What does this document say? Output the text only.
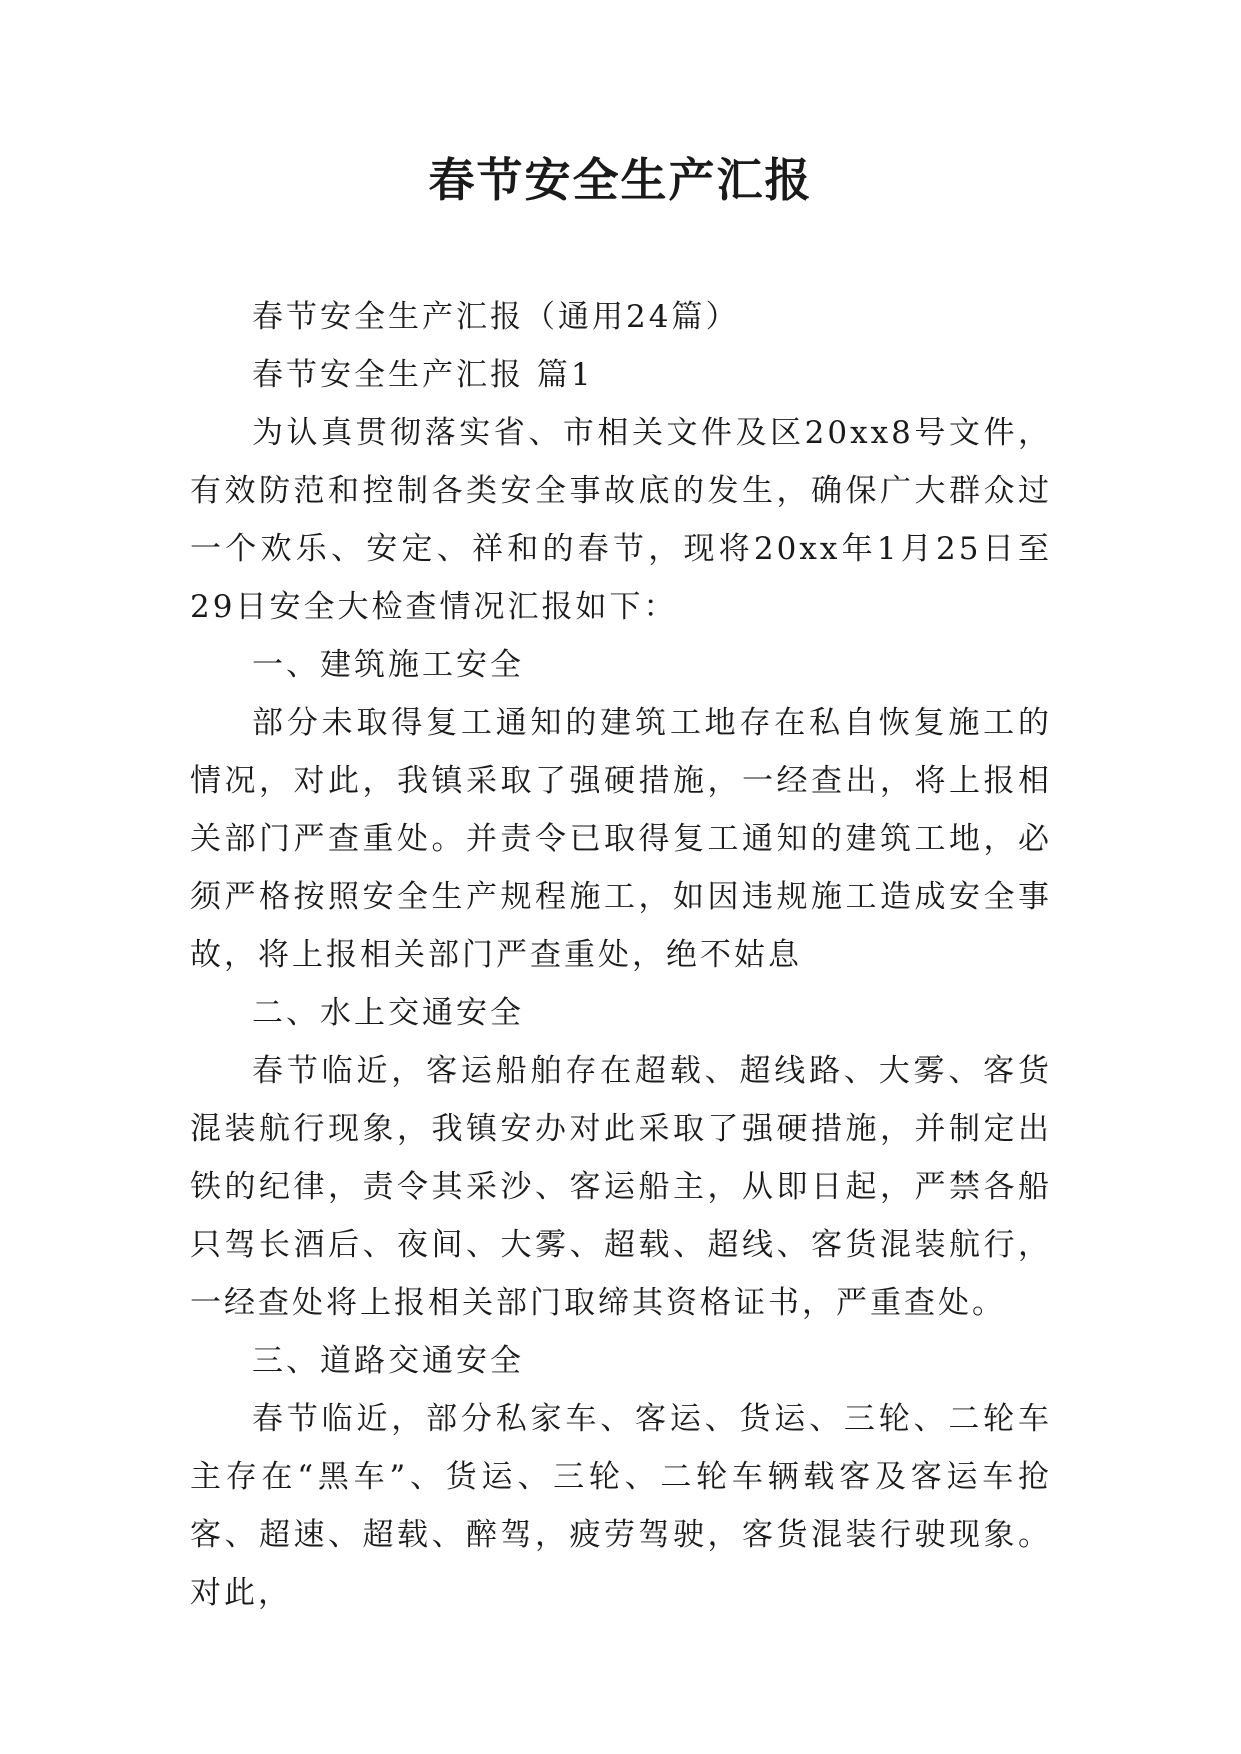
春节安全生产汇报

春节安全生产汇报（通用24篇）

春节安全生产汇报 篇1

为认真贯彻落实省、市相关文件及区20xx8号文件，有效防范和控制各类安全事故底的发生，确保广大群众过一个欢乐、安定、祥和的春节，现将20xx年1月25日至29日安全大检查情况汇报如下：

一、建筑施工安全

部分未取得复工通知的建筑工地存在私自恢复施工的情况，对此，我镇采取了强硬措施，一经查出，将上报相关部门严查重处。并责令已取得复工通知的建筑工地，必须严格按照安全生产规程施工，如因违规施工造成安全事故，将上报相关部门严查重处，绝不姑息

二、水上交通安全

春节临近，客运船舶存在超载、超线路、大雾、客货混装航行现象，我镇安办对此采取了强硬措施，并制定出铁的纪律，责令其采沙、客运船主，从即日起，严禁各船只驾长酒后、夜间、大雾、超载、超线、客货混装航行，一经查处将上报相关部门取缔其资格证书，严重查处。

三、道路交通安全

春节临近，部分私家车、客运、货运、三轮、二轮车主存在“黑车”、货运、三轮、二轮车辆载客及客运车抢客、超速、超载、醉驾，疲劳驾驶，客货混装行驶现象。对此，
